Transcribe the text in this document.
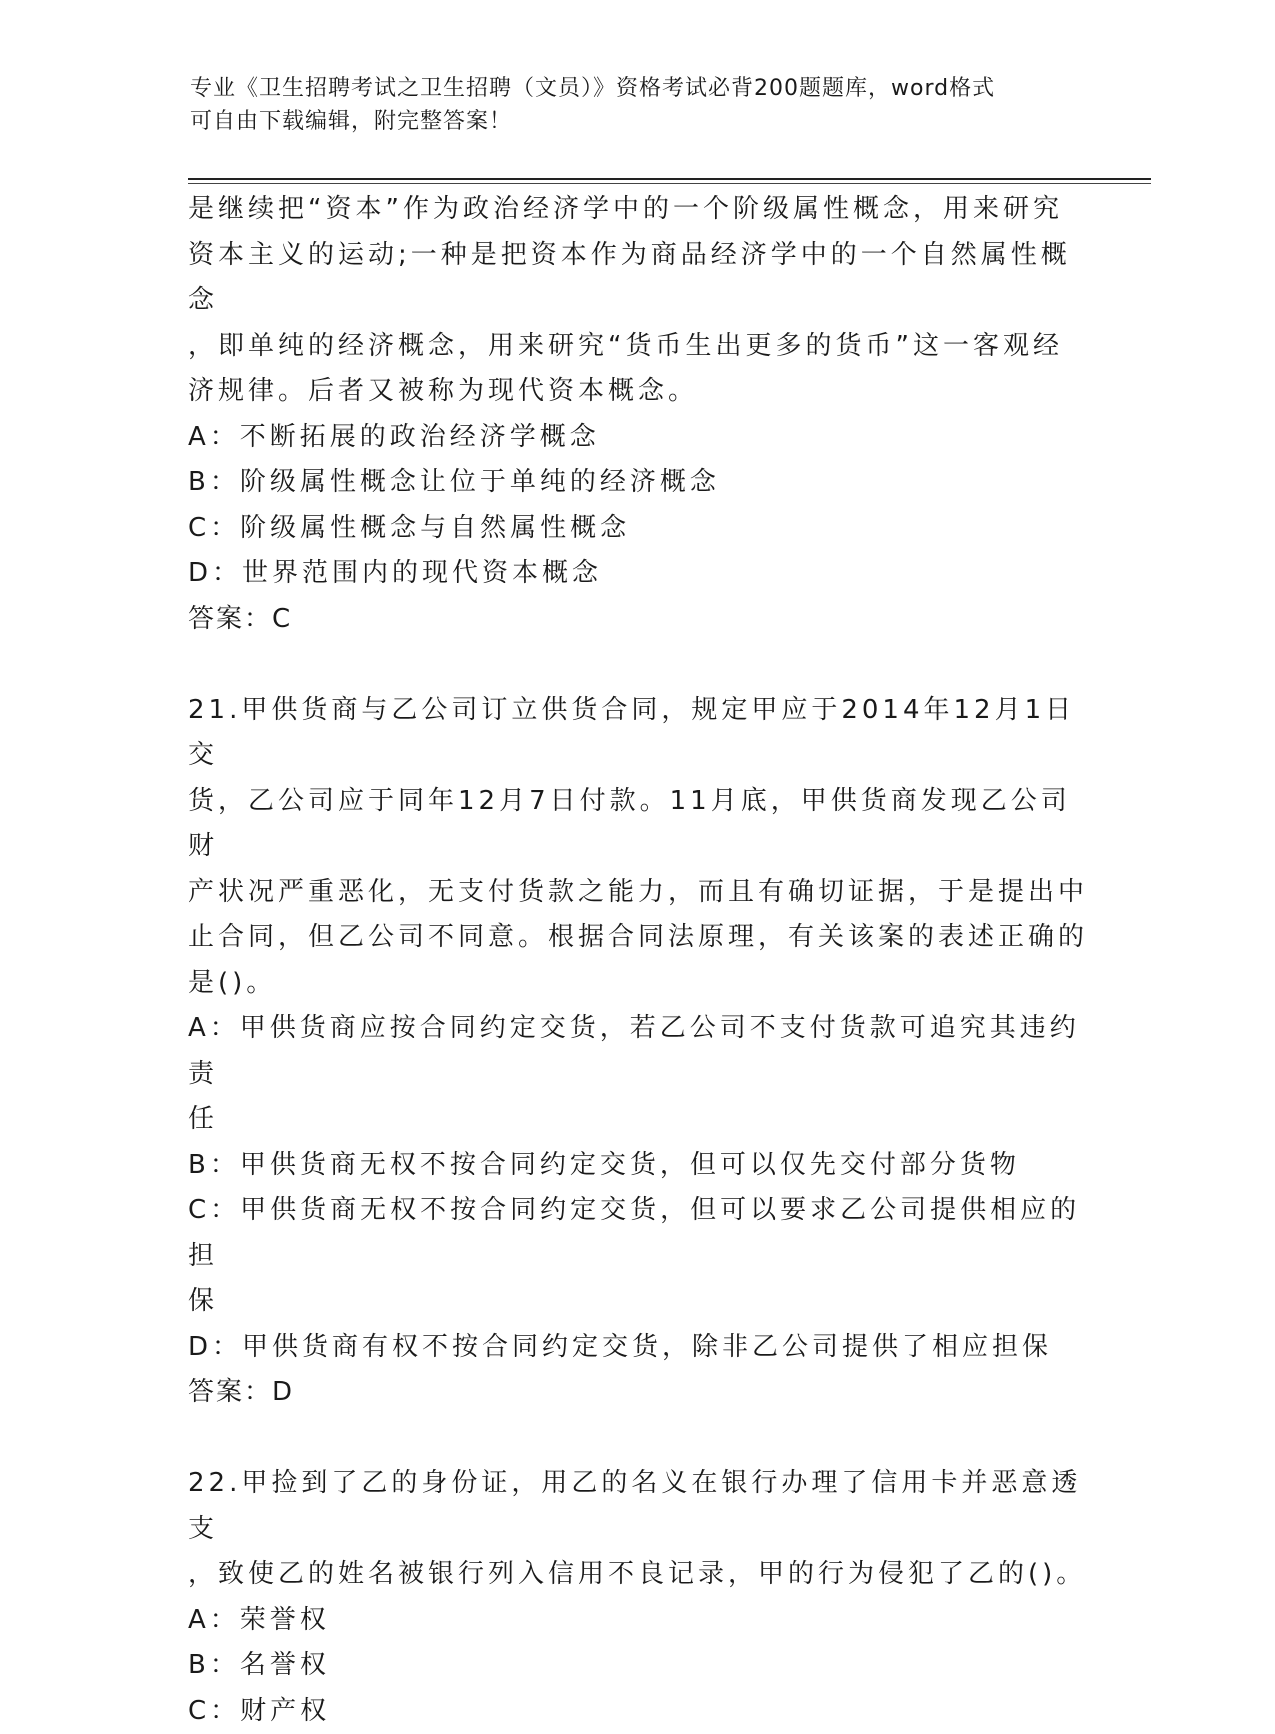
专业《卫生招聘考试之卫生招聘（文员）》资格考试必背200题题库，word格式
可自由下载编辑，附完整答案！

是继续把“资本”作为政治经济学中的一个阶级属性概念，用来研究

资本主义的运动;一种是把资本作为商品经济学中的一个自然属性概念

，即单纯的经济概念，用来研究“货币生出更多的货币”这一客观经

济规律。后者又被称为现代资本概念。

A：不断拓展的政治经济学概念

B：阶级属性概念让位于单纯的经济概念

C：阶级属性概念与自然属性概念

D：世界范围内的现代资本概念

答案：C

21.甲供货商与乙公司订立供货合同，规定甲应于2014年12月1日交

货，乙公司应于同年12月7日付款。11月底，甲供货商发现乙公司财

产状况严重恶化，无支付货款之能力，而且有确切证据，于是提出中

止合同，但乙公司不同意。根据合同法原理，有关该案的表述正确的

是()。

A：甲供货商应按合同约定交货，若乙公司不支付货款可追究其违约责

任

B：甲供货商无权不按合同约定交货，但可以仅先交付部分货物

C：甲供货商无权不按合同约定交货，但可以要求乙公司提供相应的担

保

D：甲供货商有权不按合同约定交货，除非乙公司提供了相应担保

答案：D

22.甲捡到了乙的身份证，用乙的名义在银行办理了信用卡并恶意透支

，致使乙的姓名被银行列入信用不良记录，甲的行为侵犯了乙的()。

A：荣誉权

B：名誉权

C：财产权
